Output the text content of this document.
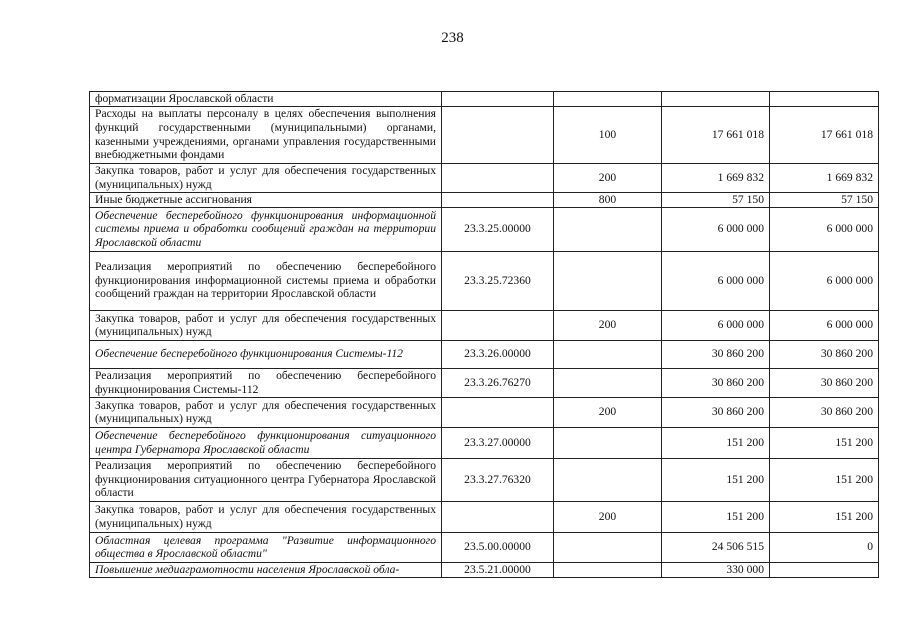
238
форматизации Ярославской области				
Расходы на выплаты персоналу в целях обеспечения выполнения функций государственными (муниципальными) органами, казенными учреждениями, органами управления государственными внебюджетными фондами		100	17 661 018	17 661 018
Закупка товаров, работ и услуг для обеспечения государственных (муниципальных) нужд		200	1 669 832	1 669 832
Иные бюджетные ассигнования		800	57 150	57 150
Обеспечение бесперебойного функционирования информационной системы приема и обработки сообщений граждан на территории Ярославской области	23.3.25.00000		6 000 000	6 000 000
Реализация мероприятий по обеспечению бесперебойного функционирования информационной системы приема и обработки сообщений граждан на территории Ярославской области	23.3.25.72360		6 000 000	6 000 000
Закупка товаров, работ и услуг для обеспечения государственных (муниципальных) нужд		200	6 000 000	6 000 000
Обеспечение бесперебойного функционирования Системы-112	23.3.26.00000		30 860 200	30 860 200
Реализация мероприятий по обеспечению бесперебойного функционирования Системы-112	23.3.26.76270		30 860 200	30 860 200
Закупка товаров, работ и услуг для обеспечения государственных (муниципальных) нужд		200	30 860 200	30 860 200
Обеспечение бесперебойного функционирования ситуационного центра Губернатора Ярославской области	23.3.27.00000		151 200	151 200
Реализация мероприятий по обеспечению бесперебойного функционирования ситуационного центра Губернатора Ярославской области	23.3.27.76320		151 200	151 200
Закупка товаров, работ и услуг для обеспечения государственных (муниципальных) нужд		200	151 200	151 200
Областная целевая программа "Развитие информационного общества в Ярославской области"	23.5.00.00000		24 506 515	0
Повышение медиаграмотности населения Ярославской обла-	23.5.21.00000		330 000	
